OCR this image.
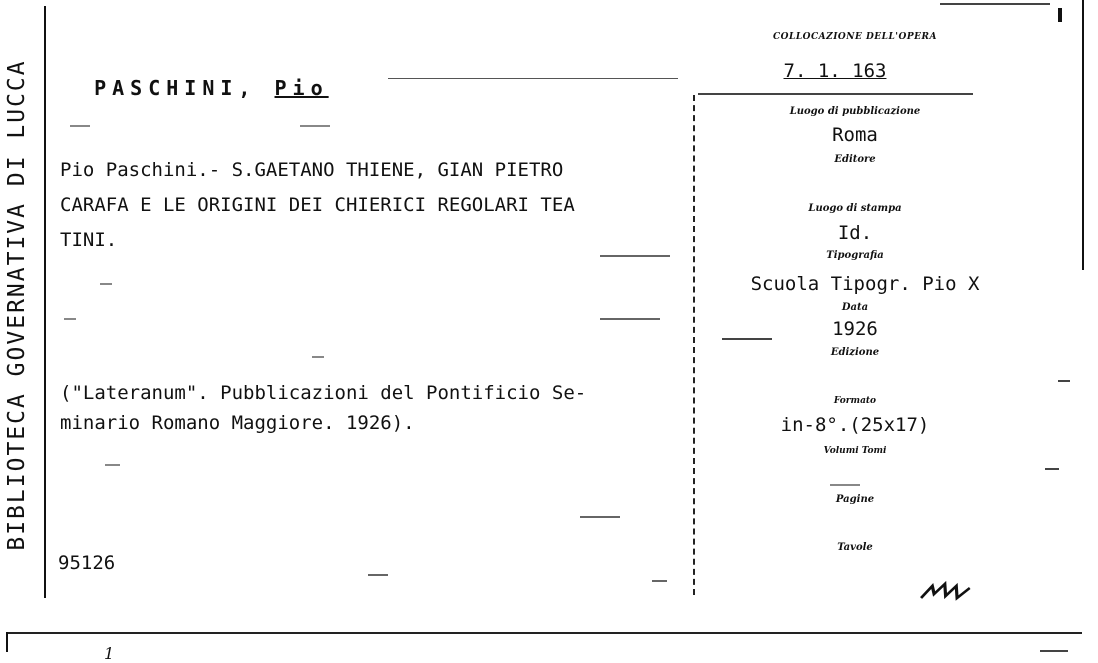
BIBLIOTECA GOVERNATIVA DI LUCCA	PASCHINI, Pio

COLLOCAZIONE DELL'OPERA
7. 1. 163
Pio Paschini.- S.GAETANO THIENE, GIAN PIETRO
CARAFA E LE ORIGINI DEI CHIERICI REGOLARI TEA
TINI.
("Lateranum". Pubblicazioni del Pontificio Se-
minario Romano Maggiore. 1926).
95126
Luogo di pubblicazione
Roma
Editore
Luogo di stampa
Id.
Tipografia
Scuola Tipogr. Pio X
Data
1926
Edizione
Formato
in-8°.(25x17)
Volumi Tomi
Pagine
Tavole
1
